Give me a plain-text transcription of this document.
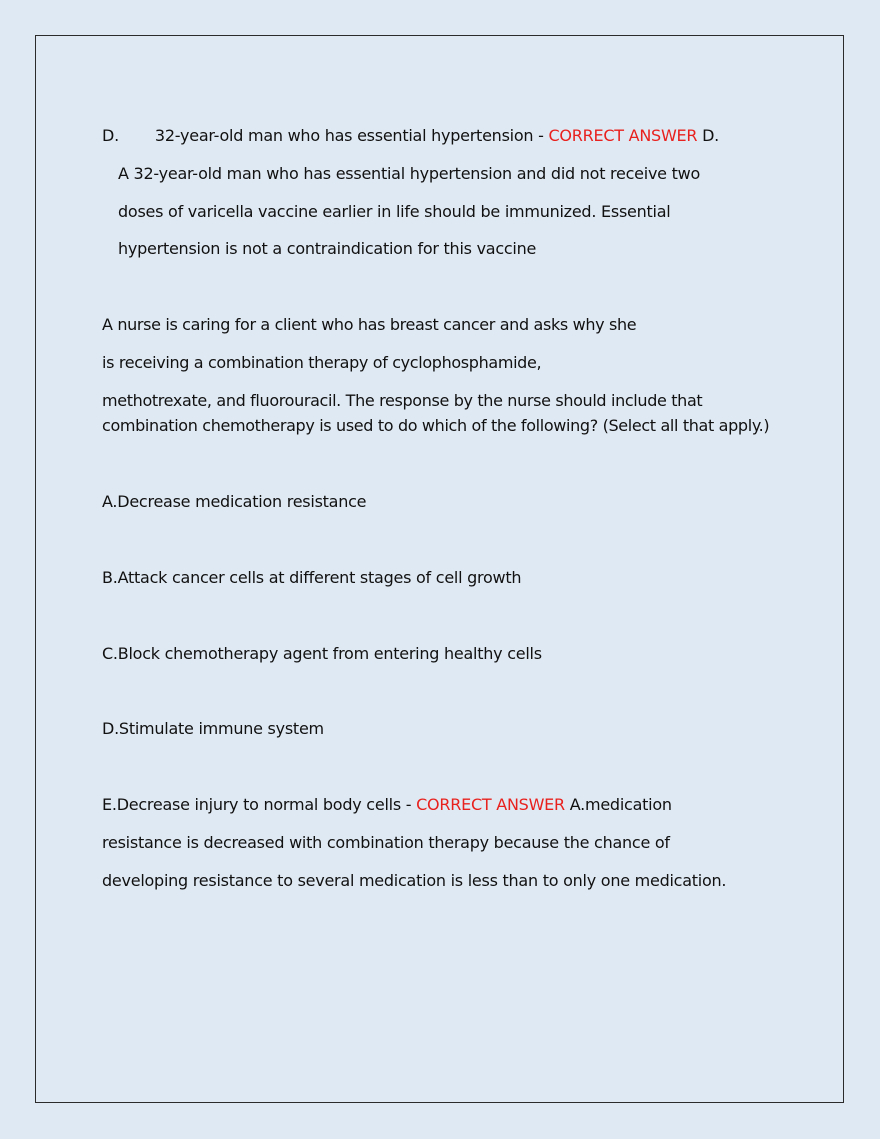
D. 32-year-old man who has essential hypertension - CORRECT ANSWER D.
A 32-year-old man who has essential hypertension and did not receive two
doses of varicella vaccine earlier in life should be immunized. Essential
hypertension is not a contraindication for this vaccine
A nurse is caring for a client who has breast cancer and asks why she
is receiving a combination therapy of cyclophosphamide,
methotrexate, and fluorouracil. The response by the nurse should include that
combination chemotherapy is used to do which of the following? (Select all that apply.)
A.Decrease medication resistance
B.Attack cancer cells at different stages of cell growth
C.Block chemotherapy agent from entering healthy cells
D.Stimulate immune system
E.Decrease injury to normal body cells - CORRECT ANSWER A.medication
resistance is decreased with combination therapy because the chance of
developing resistance to several medication is less than to only one medication.
